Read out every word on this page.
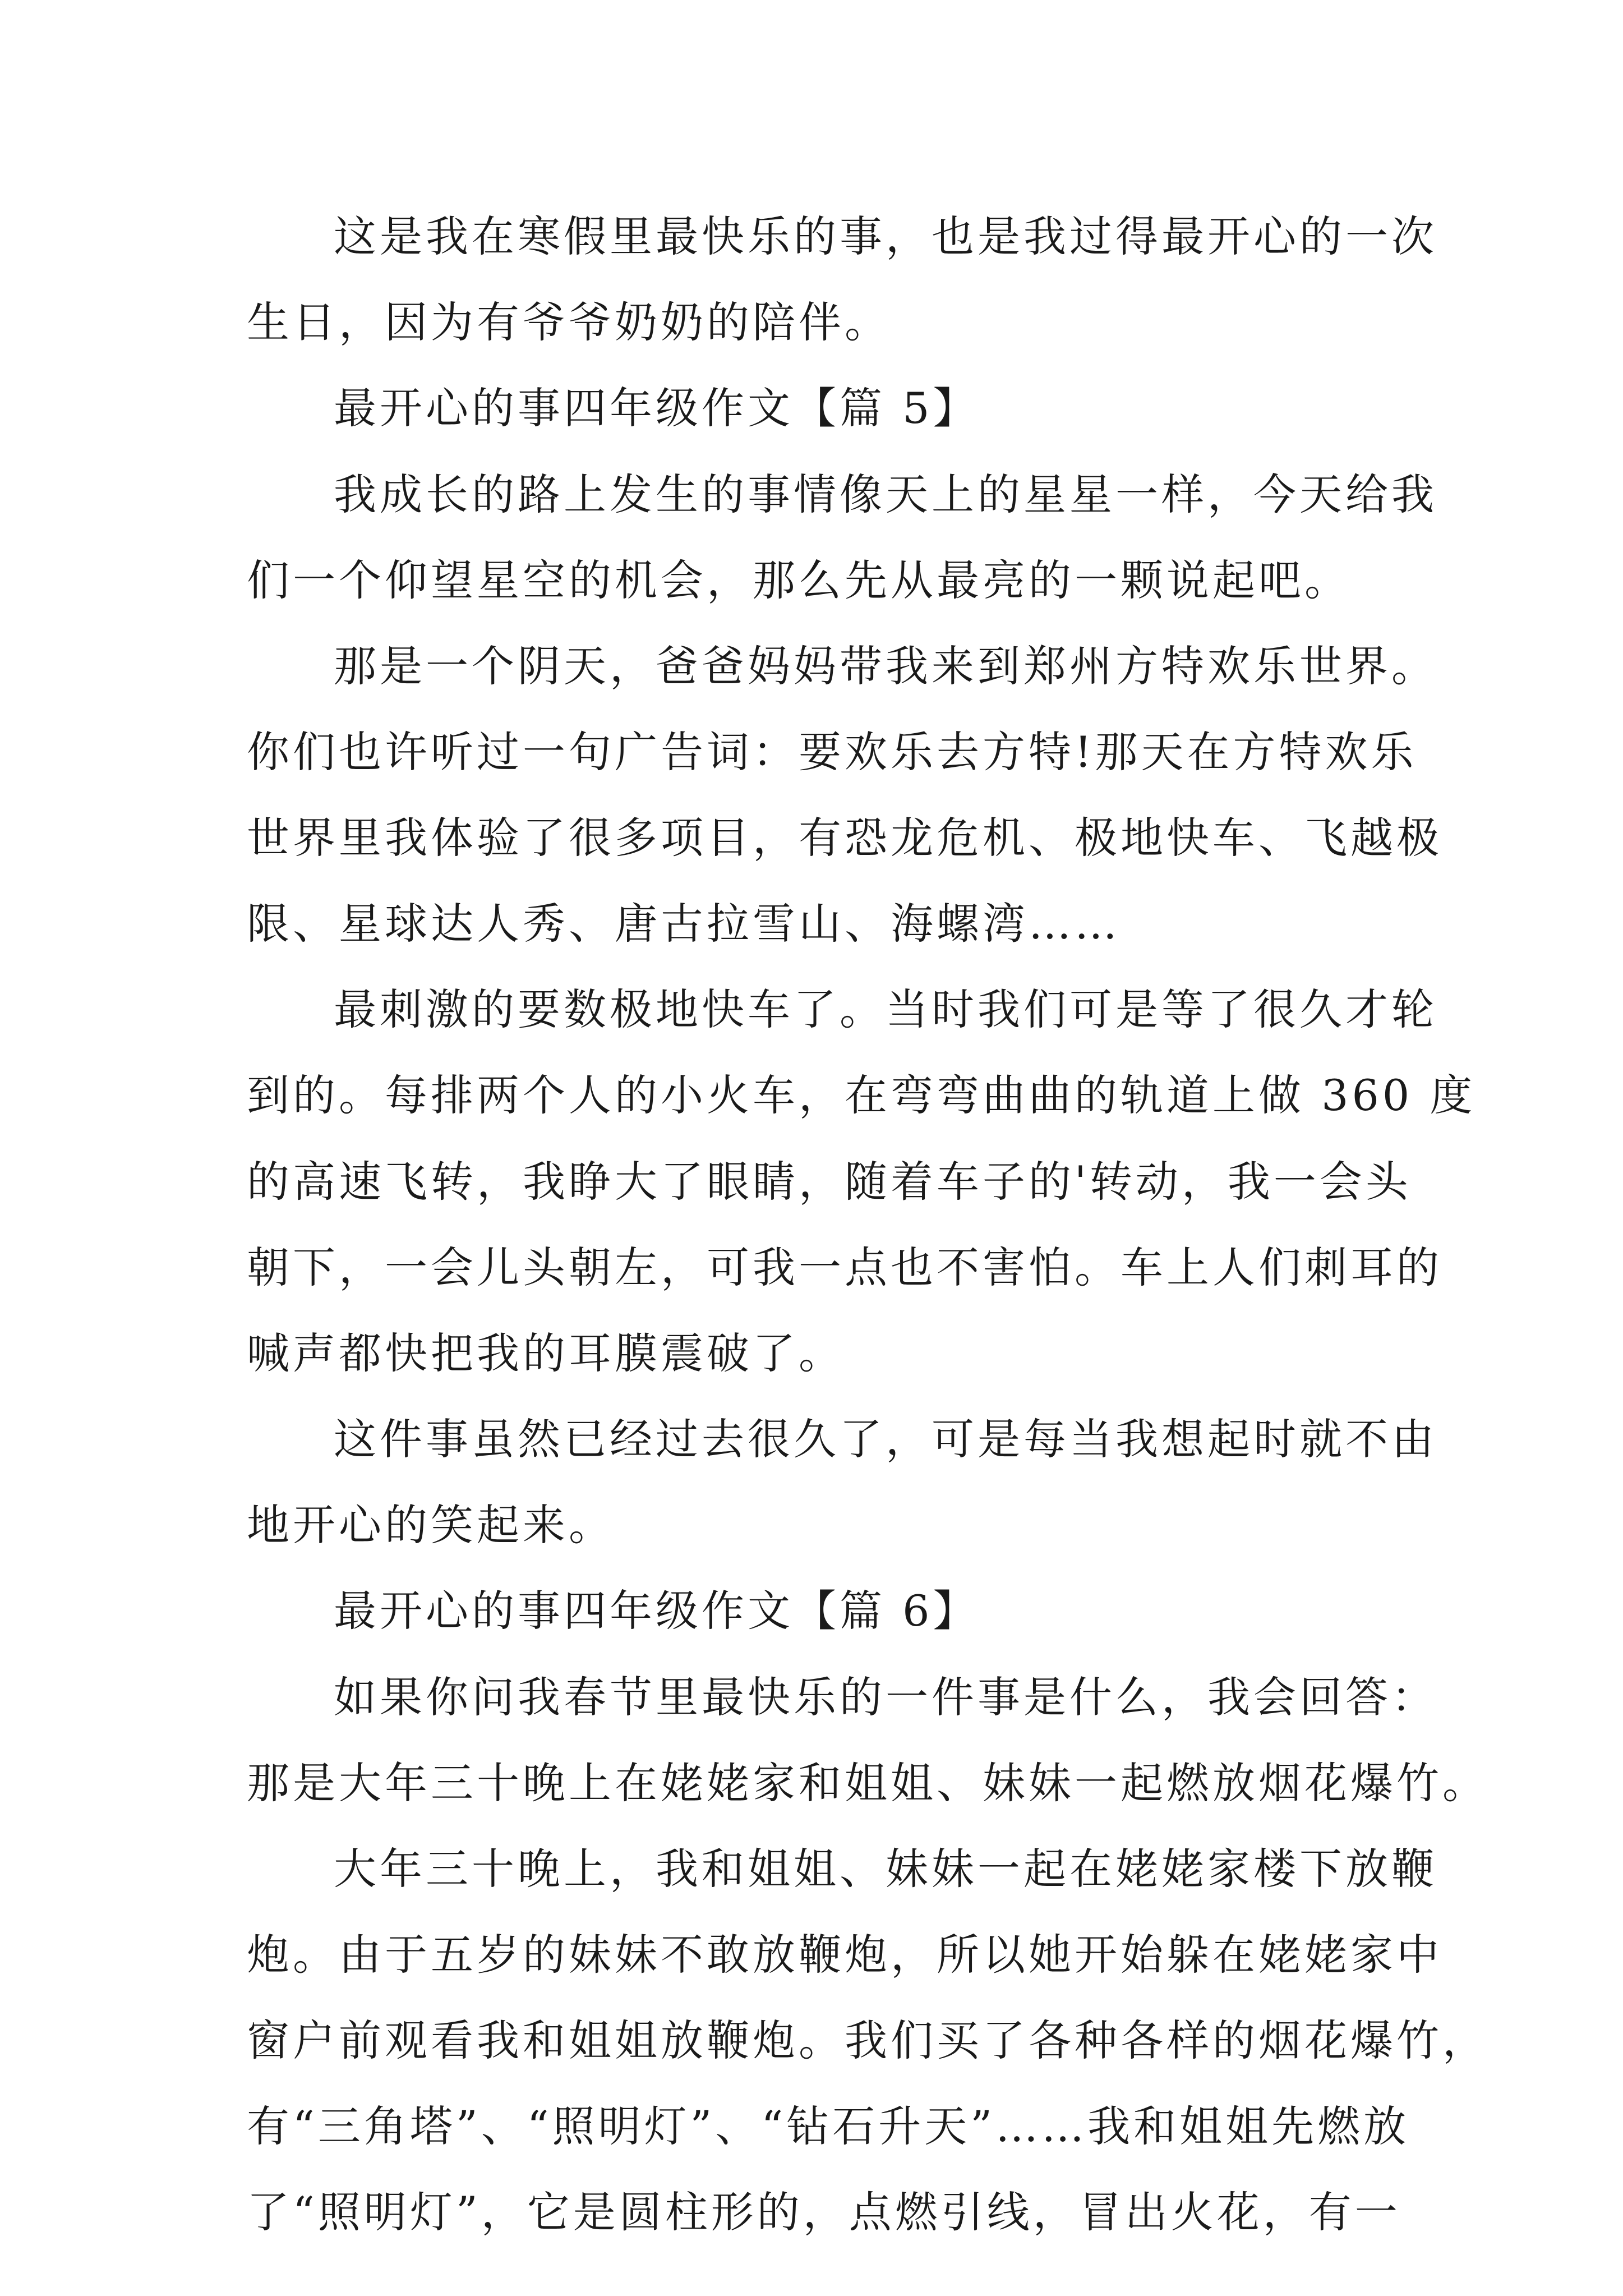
这是我在寒假里最快乐的事，也是我过得最开心的一次
生日，因为有爷爷奶奶的陪伴。
最开心的事四年级作文【篇 5】
我成长的路上发生的事情像天上的星星一样，今天给我
们一个仰望星空的机会，那么先从最亮的一颗说起吧。
那是一个阴天，爸爸妈妈带我来到郑州方特欢乐世界。
你们也许听过一句广告词：要欢乐去方特!那天在方特欢乐
世界里我体验了很多项目，有恐龙危机、极地快车、飞越极
限、星球达人秀、唐古拉雪山、海螺湾……
最刺激的要数极地快车了。当时我们可是等了很久才轮
到的。每排两个人的小火车，在弯弯曲曲的轨道上做 360 度
的高速飞转，我睁大了眼睛，随着车子的'转动，我一会头
朝下，一会儿头朝左，可我一点也不害怕。车上人们刺耳的
喊声都快把我的耳膜震破了。
这件事虽然已经过去很久了，可是每当我想起时就不由
地开心的笑起来。
最开心的事四年级作文【篇 6】
如果你问我春节里最快乐的一件事是什么，我会回答：
那是大年三十晚上在姥姥家和姐姐、妹妹一起燃放烟花爆竹。
大年三十晚上，我和姐姐、妹妹一起在姥姥家楼下放鞭
炮。由于五岁的妹妹不敢放鞭炮，所以她开始躲在姥姥家中
窗户前观看我和姐姐放鞭炮。我们买了各种各样的烟花爆竹，
有“三角塔”、“照明灯”、“钻石升天”……我和姐姐先燃放
了“照明灯”，它是圆柱形的，点燃引线，冒出火花，有一
